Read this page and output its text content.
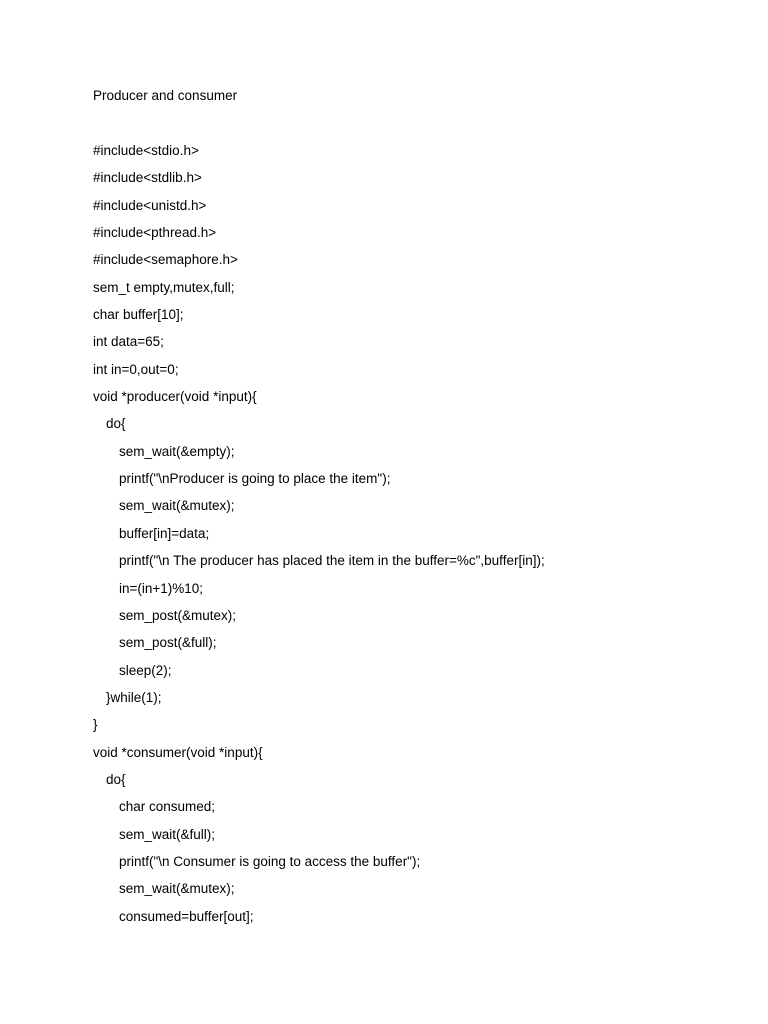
Producer and consumer
#include<stdio.h>
#include<stdlib.h>
#include<unistd.h>
#include<pthread.h>
#include<semaphore.h>
sem_t empty,mutex,full;
char buffer[10];
int data=65;
int in=0,out=0;
void *producer(void *input){
do{
sem_wait(&empty);
printf("\nProducer is going to place the item");
sem_wait(&mutex);
buffer[in]=data;
printf("\n The producer has placed the item in the buffer=%c",buffer[in]);
in=(in+1)%10;
sem_post(&mutex);
sem_post(&full);
sleep(2);
}while(1);
}
void *consumer(void *input){
do{
char consumed;
sem_wait(&full);
printf("\n Consumer is going to access the buffer");
sem_wait(&mutex);
consumed=buffer[out];
